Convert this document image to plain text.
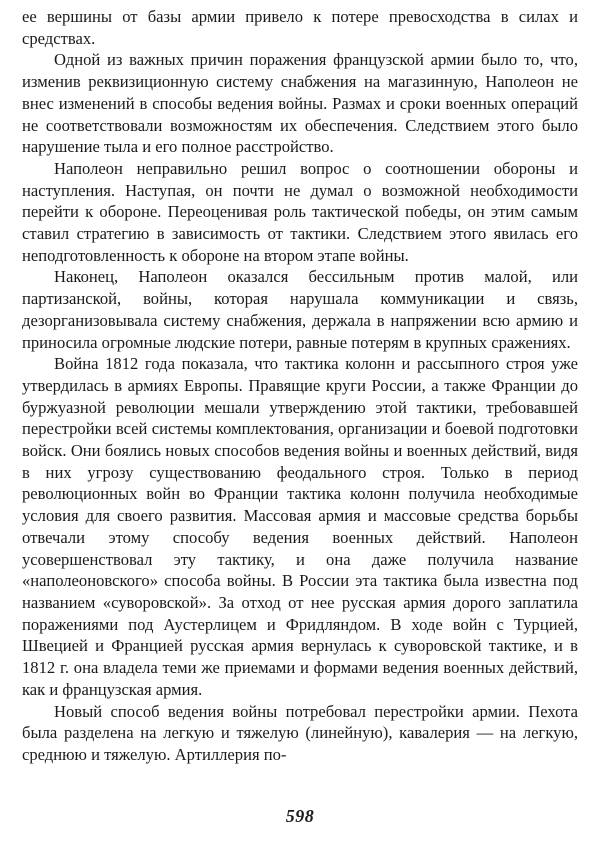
ее вершины от базы армии привело к потере превосходства в силах и средствах.

Одной из важных причин поражения французской армии было то, что, изменив реквизиционную систему снабжения на магазинную, Наполеон не внес изменений в способы ведения войны. Размах и сроки военных операций не соответствовали возможностям их обеспечения. Следствием этого было нарушение тыла и его полное расстройство.

Наполеон неправильно решил вопрос о соотношении обороны и наступления. Наступая, он почти не думал о возможной необходимости перейти к обороне. Переоценивая роль тактической победы, он этим самым ставил стратегию в зависимость от тактики. Следствием этого явилась его неподготовленность к обороне на втором этапе войны.

Наконец, Наполеон оказался бессильным против малой, или партизанской, войны, которая нарушала коммуникации и связь, дезорганизовывала систему снабжения, держала в напряжении всю армию и приносила огромные людские потери, равные потерям в крупных сражениях.

Война 1812 года показала, что тактика колонн и рассыпного строя уже утвердилась в армиях Европы. Правящие круги России, а также Франции до буржуазной революции мешали утверждению этой тактики, требовавшей перестройки всей системы комплектования, организации и боевой подготовки войск. Они боялись новых способов ведения войны и военных действий, видя в них угрозу существованию феодального строя. Только в период революционных войн во Франции тактика колонн получила необходимые условия для своего развития. Массовая армия и массовые средства борьбы отвечали этому способу ведения военных действий. Наполеон усовершенствовал эту тактику, и она даже получила название «наполеоновского» способа войны. В России эта тактика была известна под названием «суворовской». За отход от нее русская армия дорого заплатила поражениями под Аустерлицем и Фридляндом. В ходе войн с Турцией, Швецией и Францией русская армия вернулась к суворовской тактике, и в 1812 г. она владела теми же приемами и формами ведения военных действий, как и французская армия.

Новый способ ведения войны потребовал перестройки армии. Пехота была разделена на легкую и тяжелую (линейную), кавалерия — на легкую, среднюю и тяжелую. Артиллерия по-

598
